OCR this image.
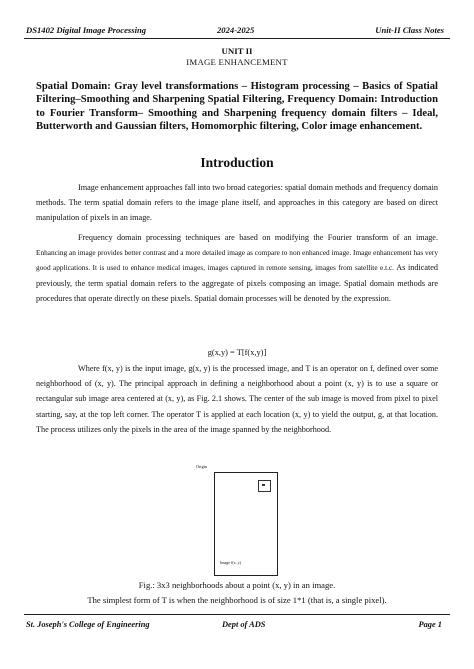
DS1402 Digital Image Processing	2024-2025	Unit-II Class Notes
UNIT II
IMAGE ENHANCEMENT
Spatial Domain: Gray level transformations – Histogram processing – Basics of Spatial Filtering–Smoothing and Sharpening Spatial Filtering, Frequency Domain: Introduction to Fourier Transform– Smoothing and Sharpening frequency domain filters – Ideal, Butterworth and Gaussian filters, Homomorphic filtering, Color image enhancement.
Introduction

Image enhancement approaches fall into two broad categories: spatial domain methods and frequency domain methods. The term spatial domain refers to the image plane itself, and approaches in this category are based on direct manipulation of pixels in an image.

Frequency domain processing techniques are based on modifying the Fourier transform of an image. Enhancing an image provides better contrast and a more detailed image as compare to non enhanced image. Image enhancement has very good applications. It is used to enhance medical images, images captured in remote sensing, images from satellite e.t.c. As indicated previously, the term spatial domain refers to the aggregate of pixels composing an image. Spatial domain methods are procedures that operate directly on these pixels. Spatial domain processes will be denoted by the expression.

g(x,y) = T[f(x,y)]

Where f(x, y) is the input image, g(x, y) is the processed image, and T is an operator on f, defined over some neighborhood of (x, y). The principal approach in defining a neighborhood about a point (x, y) is to use a square or rectangular sub image area centered at (x, y), as Fig. 2.1 shows. The center of the sub image is moved from pixel to pixel starting, say, at the top left corner. The operator T is applied at each location (x, y) to yield the output, g, at that location. The process utilizes only the pixels in the area of the image spanned by the neighborhood.

Origin
Image f(x, y)
Fig.: 3x3 neighborhoods about a point (x, y) in an image.
The simplest form of T is when the neighborhood is of size 1*1 (that is, a single pixel).
St. Joseph's College of Engineering	Dept of ADS	Page 1
